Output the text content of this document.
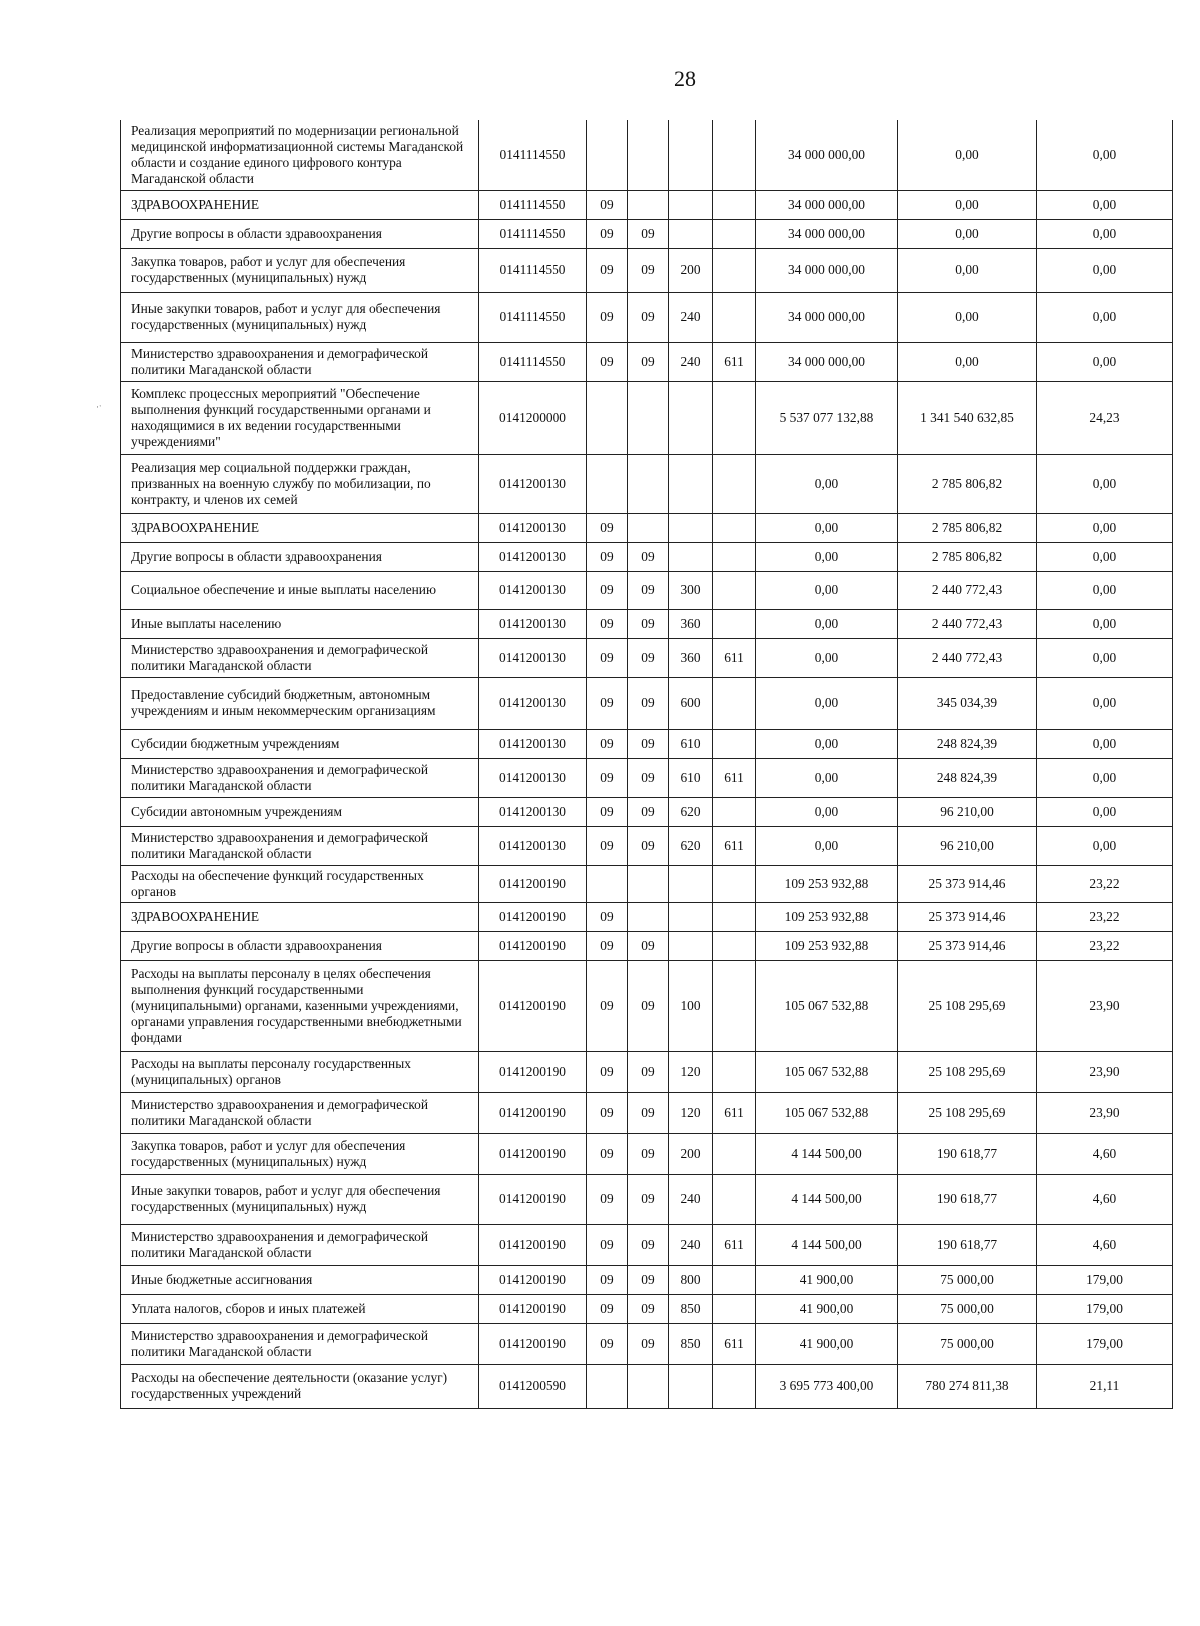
28
·ˑ
Реализация мероприятий по модернизации региональной медицинской информатизационной системы Магаданской области и создание единого цифрового контура Магаданской области	0141114550					34 000 000,00	0,00	0,00
ЗДРАВООХРАНЕНИЕ	0141114550	09				34 000 000,00	0,00	0,00
Другие вопросы в области здравоохранения	0141114550	09	09			34 000 000,00	0,00	0,00
Закупка товаров, работ и услуг для обеспечения государственных (муниципальных) нужд	0141114550	09	09	200		34 000 000,00	0,00	0,00
Иные закупки товаров, работ и услуг для обеспечения государственных (муниципальных) нужд	0141114550	09	09	240		34 000 000,00	0,00	0,00
Министерство здравоохранения и демографической политики Магаданской области	0141114550	09	09	240	611	34 000 000,00	0,00	0,00
Комплекс процессных мероприятий "Обеспечение выполнения функций государственными органами и находящимися в их ведении государственными учреждениями"	0141200000					5 537 077 132,88	1 341 540 632,85	24,23
Реализация мер социальной поддержки граждан, призванных на военную службу по мобилизации, по контракту, и членов их семей	0141200130					0,00	2 785 806,82	0,00
ЗДРАВООХРАНЕНИЕ	0141200130	09				0,00	2 785 806,82	0,00
Другие вопросы в области здравоохранения	0141200130	09	09			0,00	2 785 806,82	0,00
Социальное обеспечение и иные выплаты населению	0141200130	09	09	300		0,00	2 440 772,43	0,00
Иные выплаты населению	0141200130	09	09	360		0,00	2 440 772,43	0,00
Министерство здравоохранения и демографической политики Магаданской области	0141200130	09	09	360	611	0,00	2 440 772,43	0,00
Предоставление субсидий бюджетным, автономным учреждениям и иным некоммерческим организациям	0141200130	09	09	600		0,00	345 034,39	0,00
Субсидии бюджетным учреждениям	0141200130	09	09	610		0,00	248 824,39	0,00
Министерство здравоохранения и демографической политики Магаданской области	0141200130	09	09	610	611	0,00	248 824,39	0,00
Субсидии автономным учреждениям	0141200130	09	09	620		0,00	96 210,00	0,00
Министерство здравоохранения и демографической политики Магаданской области	0141200130	09	09	620	611	0,00	96 210,00	0,00
Расходы на обеспечение функций государственных органов	0141200190					109 253 932,88	25 373 914,46	23,22
ЗДРАВООХРАНЕНИЕ	0141200190	09				109 253 932,88	25 373 914,46	23,22
Другие вопросы в области здравоохранения	0141200190	09	09			109 253 932,88	25 373 914,46	23,22
Расходы на выплаты персоналу в целях обеспечения выполнения функций государственными (муниципальными) органами, казенными учреждениями, органами управления государственными внебюджетными фондами	0141200190	09	09	100		105 067 532,88	25 108 295,69	23,90
Расходы на выплаты персоналу государственных (муниципальных) органов	0141200190	09	09	120		105 067 532,88	25 108 295,69	23,90
Министерство здравоохранения и демографической политики Магаданской области	0141200190	09	09	120	611	105 067 532,88	25 108 295,69	23,90
Закупка товаров, работ и услуг для обеспечения государственных (муниципальных) нужд	0141200190	09	09	200		4 144 500,00	190 618,77	4,60
Иные закупки товаров, работ и услуг для обеспечения государственных (муниципальных) нужд	0141200190	09	09	240		4 144 500,00	190 618,77	4,60
Министерство здравоохранения и демографической политики Магаданской области	0141200190	09	09	240	611	4 144 500,00	190 618,77	4,60
Иные бюджетные ассигнования	0141200190	09	09	800		41 900,00	75 000,00	179,00
Уплата налогов, сборов и иных платежей	0141200190	09	09	850		41 900,00	75 000,00	179,00
Министерство здравоохранения и демографической политики Магаданской области	0141200190	09	09	850	611	41 900,00	75 000,00	179,00
Расходы на обеспечение деятельности (оказание услуг) государственных учреждений	0141200590					3 695 773 400,00	780 274 811,38	21,11
